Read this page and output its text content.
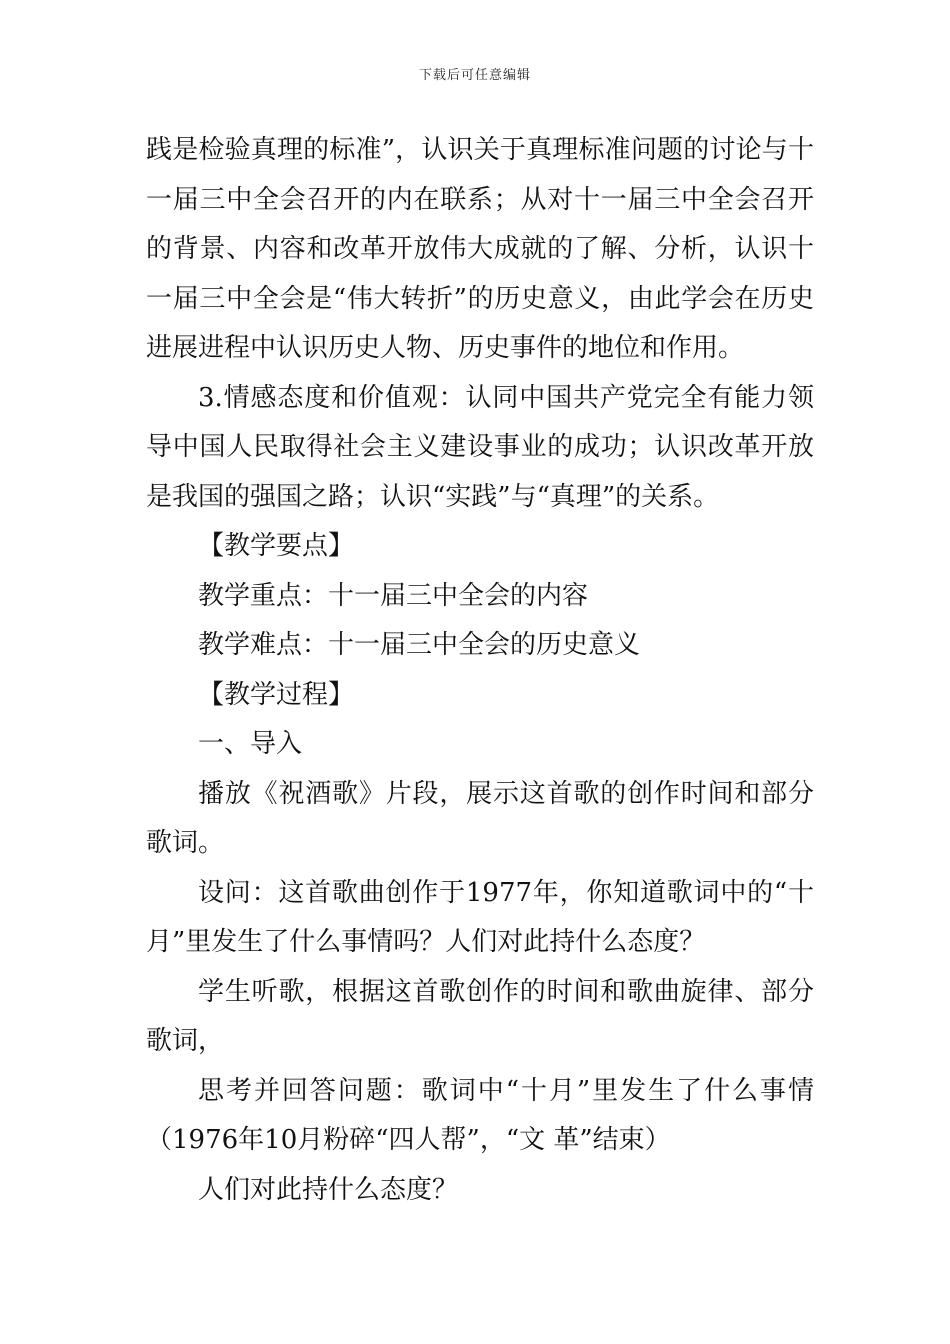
下载后可任意编辑

践是检验真理的标准”，认识关于真理标准问题的讨论与十一届三中全会召开的内在联系；从对十一届三中全会召开的背景、内容和改革开放伟大成就的了解、分析，认识十一届三中全会是“伟大转折”的历史意义，由此学会在历史进展进程中认识历史人物、历史事件的地位和作用。

3.情感态度和价值观：认同中国共产党完全有能力领导中国人民取得社会主义建设事业的成功；认识改革开放是我国的强国之路；认识“实践”与“真理”的关系。

【教学要点】

教学重点：十一届三中全会的内容

教学难点：十一届三中全会的历史意义

【教学过程】

一、导入

播放《祝酒歌》片段，展示这首歌的创作时间和部分歌词。

设问：这首歌曲创作于1977年，你知道歌词中的“十月”里发生了什么事情吗？人们对此持什么态度？

学生听歌，根据这首歌创作的时间和歌曲旋律、部分歌词，

思考并回答问题：歌词中“十月”里发生了什么事情（1976年10月粉碎“四人帮”，“文 革”结束）

人们对此持什么态度？
